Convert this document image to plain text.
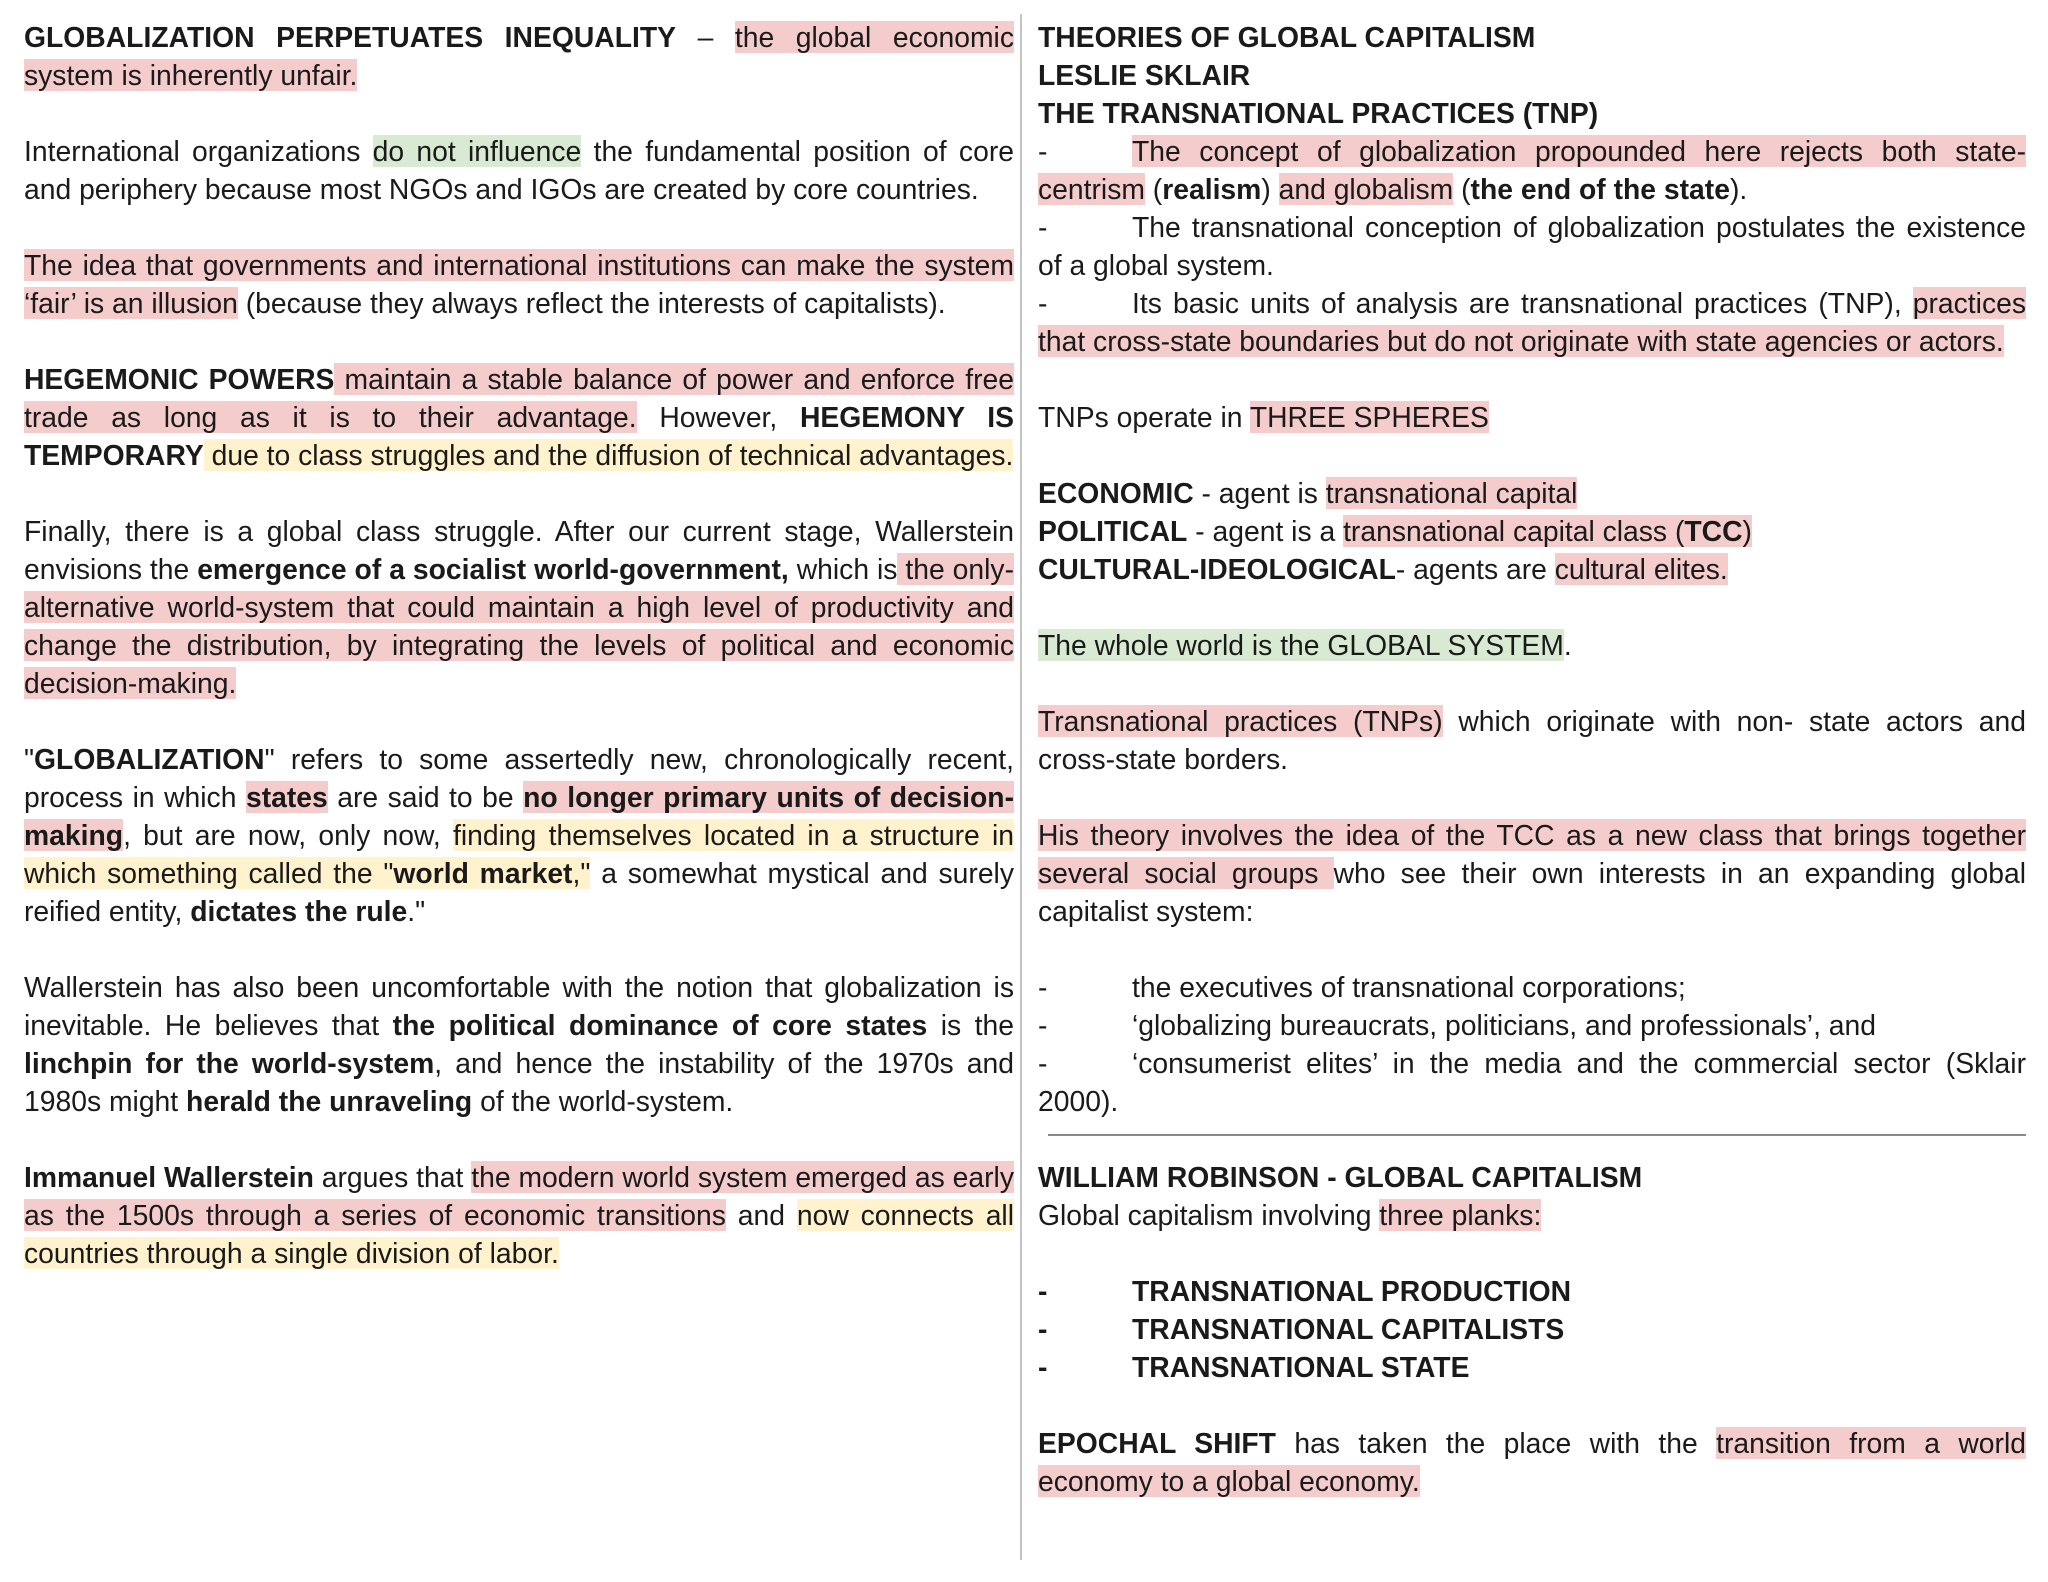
GLOBALIZATION PERPETUATES INEQUALITY – the global economic system is inherently unfair.

International organizations do not influence the fundamental position of core and periphery because most NGOs and IGOs are created by core countries.

The idea that governments and international institutions can make the system ‘fair’ is an illusion (because they always reflect the interests of capitalists).

HEGEMONIC POWERS maintain a stable balance of power and enforce free trade as long as it is to their advantage. However, HEGEMONY IS TEMPORARY due to class struggles and the diffusion of technical advantages.

Finally, there is a global class struggle. After our current stage, Wallerstein envisions the emergence of a socialist world-government, which is the only-alternative world-system that could maintain a high level of productivity and change the distribution, by integrating the levels of political and economic decision-making.

"GLOBALIZATION" refers to some assertedly new, chronologically recent, process in which states are said to be no longer primary units of decision-making, but are now, only now, finding themselves located in a structure in which something called the "world market," a somewhat mystical and surely reified entity, dictates the rule."

Wallerstein has also been uncomfortable with the notion that globalization is inevitable. He believes that the political dominance of core states is the linchpin for the world-system, and hence the instability of the 1970s and 1980s might herald the unraveling of the world-system.

Immanuel Wallerstein argues that the modern world system emerged as early as the 1500s through a series of economic transitions and now connects all countries through a single division of labor.

THEORIES OF GLOBAL CAPITALISM
LESLIE SKLAIR
THE TRANSNATIONAL PRACTICES (TNP)
-	The concept of globalization propounded here rejects both state-centrism (realism) and globalism (the end of the state).
-	The transnational conception of globalization postulates the existence of a global system.
-	Its basic units of analysis are transnational practices (TNP), practices that cross-state boundaries but do not originate with state agencies or actors.
TNPs operate in THREE SPHERES
ECONOMIC - agent is transnational capital
POLITICAL - agent is a transnational capital class (TCC)
CULTURAL-IDEOLOGICAL- agents are cultural elites.
The whole world is the GLOBAL SYSTEM.
Transnational practices (TNPs) which originate with non- state actors and cross-state borders.
His theory involves the idea of the TCC as a new class that brings together several social groups who see their own interests in an expanding global capitalist system:
-	the executives of transnational corporations;
-	‘globalizing bureaucrats, politicians, and professionals’, and
-	‘consumerist elites’ in the media and the commercial sector (Sklair 2000).
WILLIAM ROBINSON - GLOBAL CAPITALISM
Global capitalism involving three planks:
-	TRANSNATIONAL PRODUCTION
-	TRANSNATIONAL CAPITALISTS
-	TRANSNATIONAL STATE
EPOCHAL SHIFT has taken the place with the transition from a world economy to a global economy.
